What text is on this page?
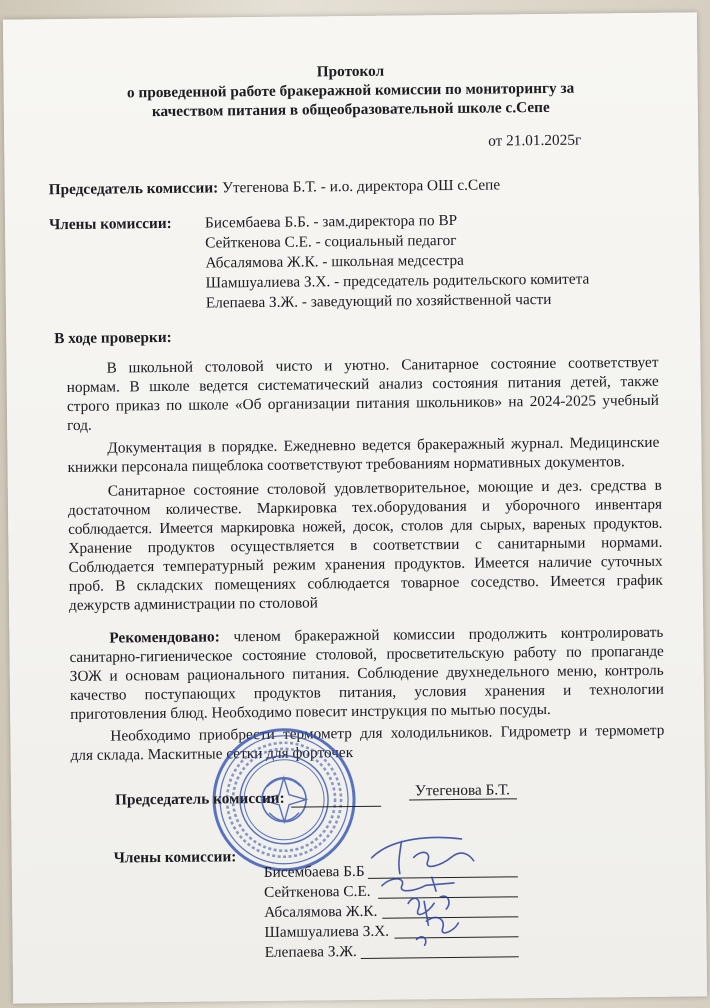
Протокол
о проведенной работе бракеражной комиссии по мониторингу за
качеством питания в общеобразовательной школе с.Сепе
от 21.01.2025г
Председатель комиссии: Утегенова Б.Т. - и.о. директора ОШ с.Сепе
Члены комиссии: Бисембаева Б.Б. - зам.директора по ВР
Сейткенова С.Е. - социальный педагог
Абсалямова Ж.К. - школьная медсестра
Шамшуалиева З.Х. - председатель родительского комитета
Елепаева З.Ж. - заведующий по хозяйственной части
В ходе проверки:
В школьной столовой чисто и уютно. Санитарное состояние соответствует
нормам. В школе ведется систематический анализ состояния питания детей, также
строго приказ по школе «Об организации питания школьников» на 2024-2025 учебный
год.
Документация в порядке. Ежедневно ведется бракеражный журнал. Медицинские
книжки персонала пищеблока соответствуют требованиям нормативных документов.
Санитарное состояние столовой удовлетворительное, моющие и дез. средства в
достаточном количестве. Маркировка тех.оборудования и уборочного инвентаря
соблюдается. Имеется маркировка ножей, досок, столов для сырых, вареных продуктов.
Хранение продуктов осуществляется в соответствии с санитарными нормами.
Соблюдается температурный режим хранения продуктов. Имеется наличие суточных
проб. В складских помещениях соблюдается товарное соседство. Имеется график
дежурств администрации по столовой
Рекомендовано: членом бракеражной комиссии продолжить контролировать
санитарно-гигиеническое состояние столовой, просветительскую работу по пропаганде
ЗОЖ и основам рационального питания. Соблюдение двухнедельного меню, контроль
качество поступающих продуктов питания, условия хранения и технологии
приготовления блюд. Необходимо повесит инструкция по мытью посуды.
Необходимо приобрести термометр для холодильников. Гидрометр и термометр
для склада. Маскитные сетки для форточек
Председатель комиссии:	Утегенова Б.Т.
Члены комиссии:
Бисембаева Б.Б
Сейткенова С.Е.
Абсалямова Ж.К.
Шамшуалиева З.Х.
Елепаева З.Ж.
